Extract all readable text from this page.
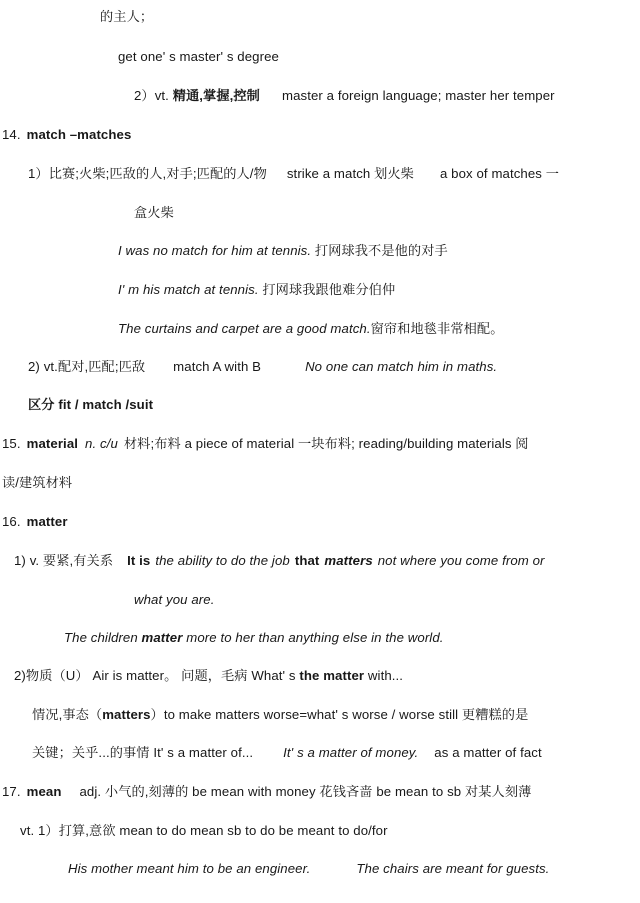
的主人；
get one' s master' s degree
2）vt. 精通,掌握,控制 master a foreign language; master her temper
14. match –matches
1）比赛;火柴;匹敌的人,对手;匹配的人/物 strike a match 划火柴 a box of matches 一
盒火柴
I was no match for him at tennis. 打网球我不是他的对手
I' m his match at tennis. 打网球我跟他难分伯仲
The curtains and carpet are a good match.窗帘和地毯非常相配。
2) vt.配对,匹配;匹敌 match A with B	No one can match him in maths.
区分 fit / match /suit
15. material n. c/u 材料;布料 a piece of material 一块布料; reading/building materials 阅
读/建筑材料
16. matter
1) v. 要紧,有关系 It is the ability to do the job that matters not where you come from or
what you are.
The children matter more to her than anything else in the world.
2)物质（U） Air is matter。 问题，毛病 What' s the matter with...
情况,事态（matters）to make matters worse=what' s worse / worse still 更糟糕的是
关键；关乎...的事情 It' s a matter of... It' s a matter of money. as a matter of fact
17. mean adj. 小气的,刻薄的 be mean with money 花钱吝啬 be mean to sb 对某人刻薄
vt. 1）打算,意欲 mean to do mean sb to do be meant to do/for
His mother meant him to be an engineer.	The chairs are meant for guests.
